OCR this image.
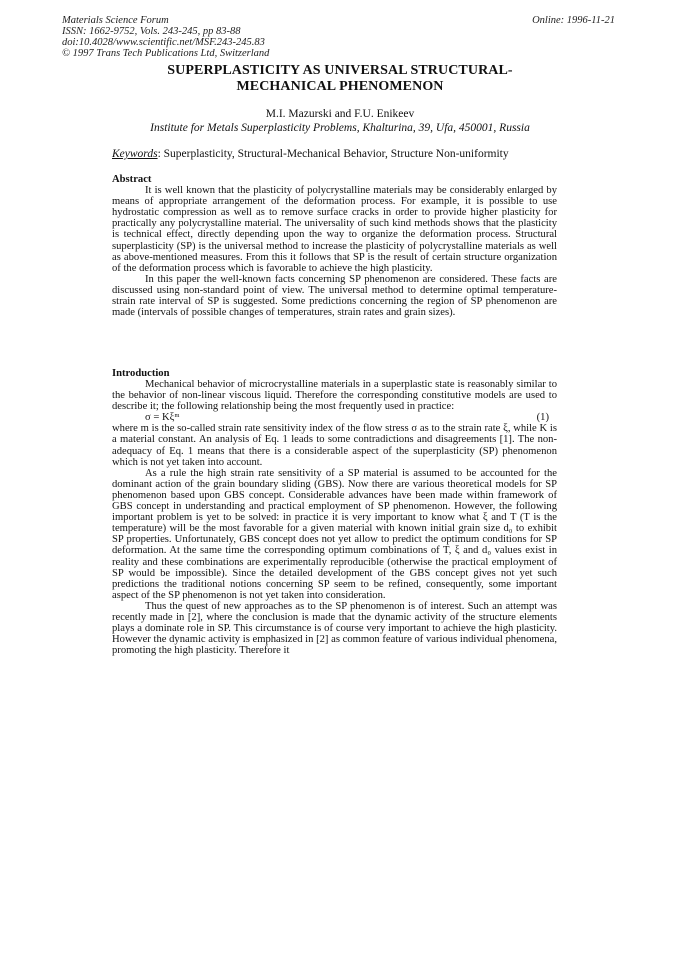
Materials Science Forum
ISSN: 1662-9752, Vols. 243-245, pp 83-88
doi:10.4028/www.scientific.net/MSF.243-245.83
© 1997 Trans Tech Publications Ltd, Switzerland
Online: 1996-11-21
SUPERPLASTICITY AS UNIVERSAL STRUCTURAL-
MECHANICAL PHENOMENON
M.I. Mazurski and F.U. Enikeev
Institute for Metals Superplasticity Problems, Khalturina, 39, Ufa, 450001, Russia
Keywords: Superplasticity, Structural-Mechanical Behavior, Structure Non-uniformity
Abstract

It is well known that the plasticity of polycrystalline materials may be considerably enlarged by means of appropriate arrangement of the deformation process. For example, it is possible to use hydrostatic compression as well as to remove surface cracks in order to provide higher plasticity for practically any polycrystalline material. The universality of such kind methods shows that the plasticity is technical effect, directly depending upon the way to organize the deformation process. Structural superplasticity (SP) is the universal method to increase the plasticity of polycrystalline materials as well as above-mentioned measures. From this it follows that SP is the result of certain structure organization of the deformation process which is favorable to achieve the high plasticity.

In this paper the well-known facts concerning SP phenomenon are considered. These facts are discussed using non-standard point of view. The universal method to determine optimal temperature-strain rate interval of SP is suggested. Some predictions concerning the region of SP phenomenon are made (intervals of possible changes of temperatures, strain rates and grain sizes).

Introduction

Mechanical behavior of microcrystalline materials in a superplastic state is reasonably similar to the behavior of non-linear viscous liquid. Therefore the corresponding constitutive models are used to describe it; the following relationship being the most frequently used in practice:

σ = Kξᵐ	(1)

where m is the so-called strain rate sensitivity index of the flow stress σ as to the strain rate ξ, while K is a material constant. An analysis of Eq. 1 leads to some contradictions and disagreements [1]. The non-adequacy of Eq. 1 means that there is a considerable aspect of the superplasticity (SP) phenomenon which is not yet taken into account.

As a rule the high strain rate sensitivity of a SP material is assumed to be accounted for the dominant action of the grain boundary sliding (GBS). Now there are various theoretical models for SP phenomenon based upon GBS concept. Considerable advances have been made within framework of GBS concept in understanding and practical employment of SP phenomenon. However, the following important problem is yet to be solved: in practice it is very important to know what ξ and T (T is the temperature) will be the most favorable for a given material with known initial grain size d₀ to exhibit SP properties. Unfortunately, GBS concept does not yet allow to predict the optimum conditions for SP deformation. At the same time the corresponding optimum combinations of T, ξ and d₀ values exist in reality and these combinations are experimentally reproducible (otherwise the practical employment of SP would be impossible). Since the detailed development of the GBS concept gives not yet such predictions the traditional notions concerning SP seem to be refined, consequently, some important aspect of the SP phenomenon is not yet taken into consideration.

Thus the quest of new approaches as to the SP phenomenon is of interest. Such an attempt was recently made in [2], where the conclusion is made that the dynamic activity of the structure elements plays a dominate role in SP. This circumstance is of course very important to achieve the high plasticity. However the dynamic activity is emphasized in [2] as common feature of various individual phenomena, promoting the high plasticity. Therefore it
